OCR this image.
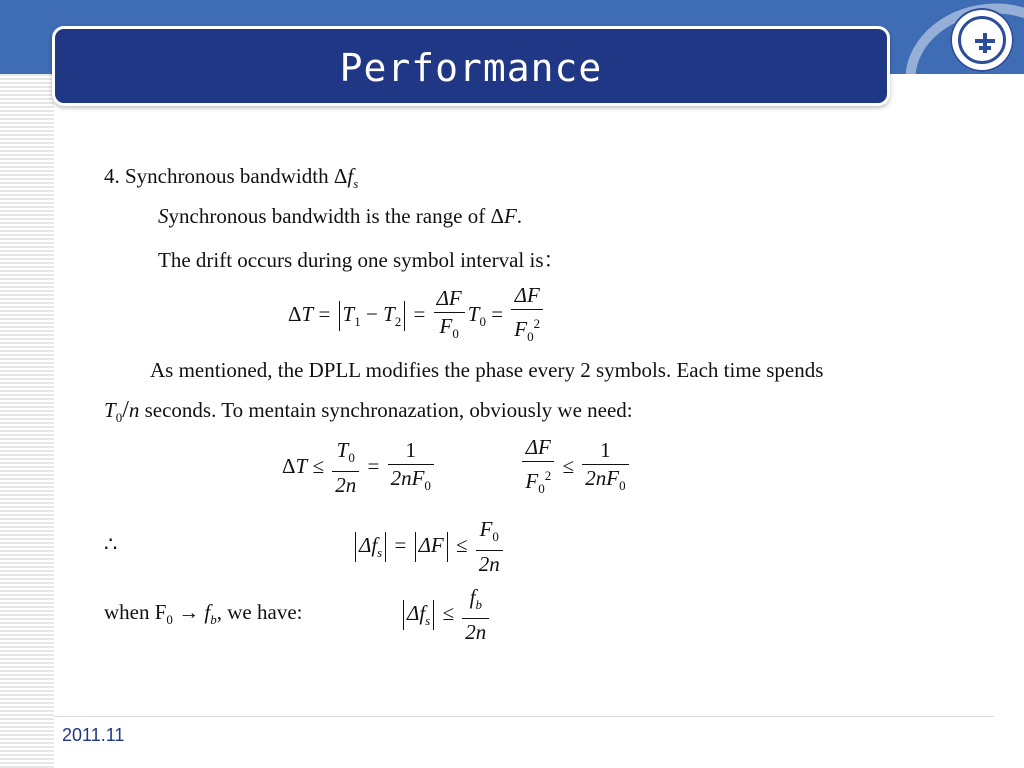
Performance
4. Synchronous bandwidth $\Delta f_s$
Synchronous bandwidth is the range of ΔF.
The drift occurs during one symbol interval is：
$\Delta T = T_1 - T_2 = \frac{\Delta F}{F_0} T_0 = \frac{\Delta F}{F_0^2}$
As mentioned, the DPLL modifies the phase every 2 symbols. Each time spends
$T_0/n$ seconds. To mentain synchronazation, obviously we need:
$\Delta T \le \frac{T_0}{2n} = \frac{1}{2nF_0}$
	$\frac{\Delta F}{F_0^2} \le \frac{1}{2nF_0}$
∴	$\Delta f_s = \Delta F \le \frac{F_0}{2n}$
when $F_0 \to f_b$, we have:	$\Delta f_s \le \frac{f_b}{2n}$
2011.11
